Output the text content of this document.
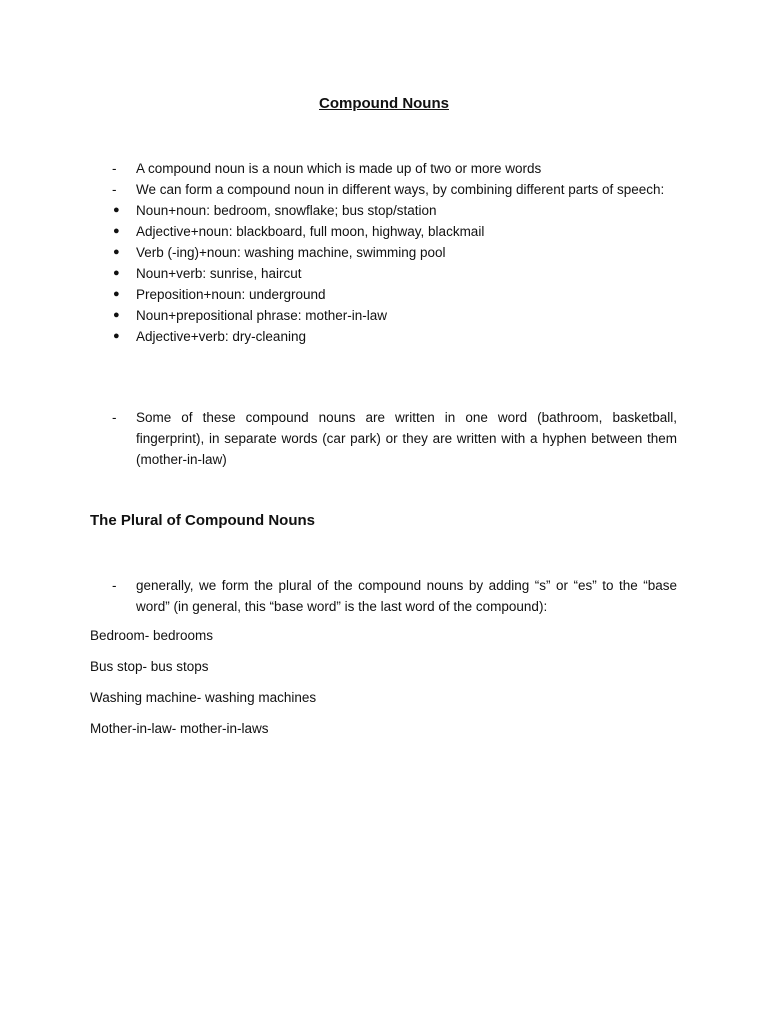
Compound Nouns
-	A compound noun is a noun which is made up of two or more words
-	We can form a compound noun in different ways, by combining different parts of speech:
●	Noun+noun: bedroom, snowflake; bus stop/station
●	Adjective+noun: blackboard, full moon, highway, blackmail
●	Verb (-ing)+noun: washing machine, swimming pool
●	Noun+verb: sunrise, haircut
●	Preposition+noun: underground
●	Noun+prepositional phrase: mother-in-law
●	Adjective+verb: dry-cleaning
-	Some of these compound nouns are written in one word (bathroom, basketball, fingerprint), in separate words (car park) or they are written with a hyphen between them (mother-in-law)
The Plural of Compound Nouns
-	generally, we form the plural of the compound nouns by adding “s” or “es” to the “base word” (in general, this “base word” is the last word of the compound):

Bedroom- bedrooms

Bus stop- bus stops

Washing machine- washing machines

Mother-in-law- mother-in-laws
